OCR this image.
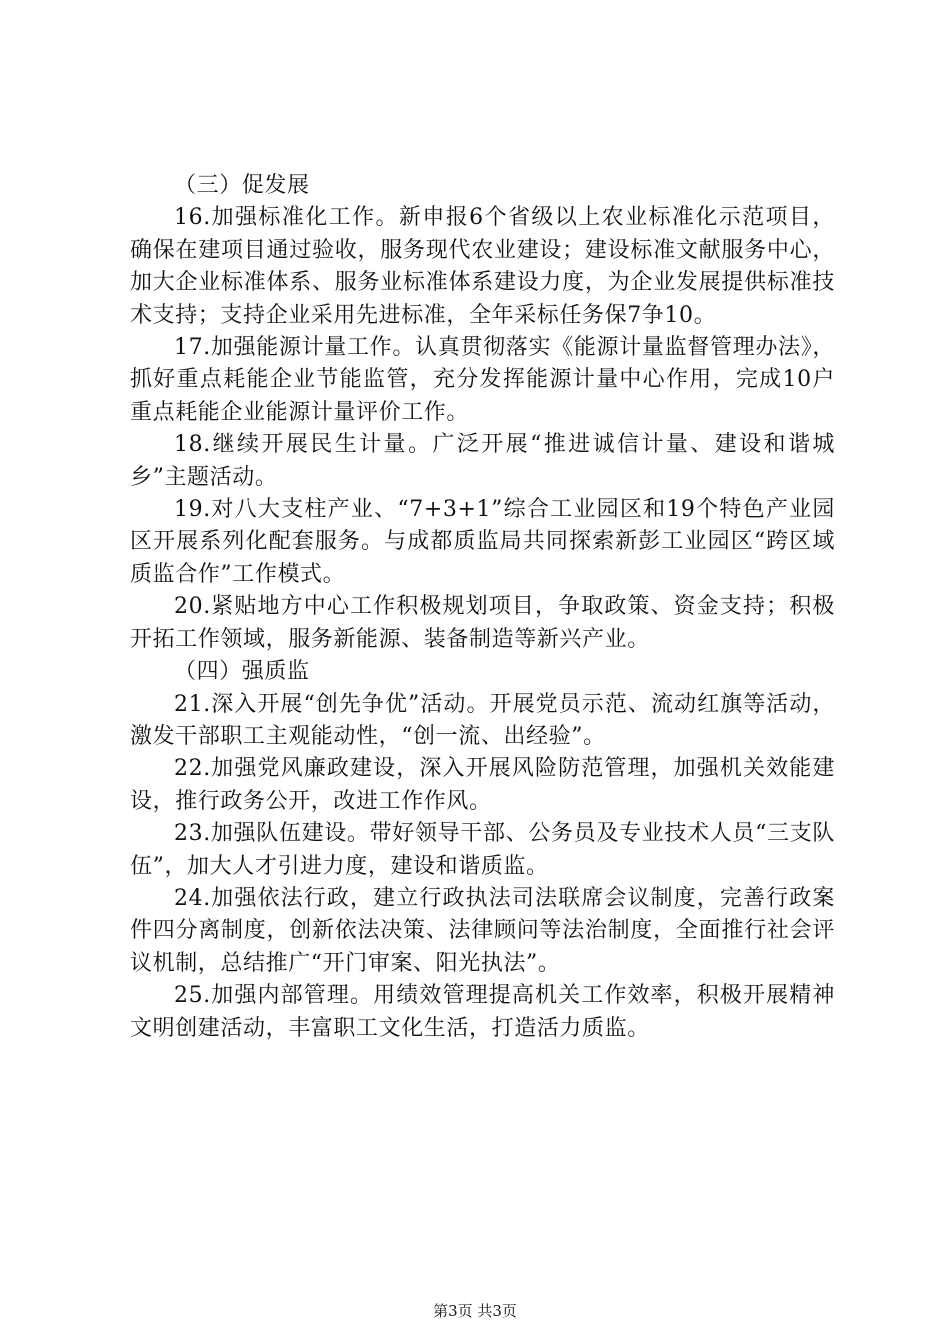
（三）促发展

16.加强标准化工作。新申报6个省级以上农业标准化示范项目，确保在建项目通过验收，服务现代农业建设；建设标准文献服务中心，加大企业标准体系、服务业标准体系建设力度，为企业发展提供标准技术支持；支持企业采用先进标准，全年采标任务保7争10。

17.加强能源计量工作。认真贯彻落实《能源计量监督管理办法》，抓好重点耗能企业节能监管，充分发挥能源计量中心作用，完成10户重点耗能企业能源计量评价工作。

18.继续开展民生计量。广泛开展“推进诚信计量、建设和谐城乡”主题活动。

19.对八大支柱产业、“7+3+1”综合工业园区和19个特色产业园区开展系列化配套服务。与成都质监局共同探索新彭工业园区“跨区域质监合作”工作模式。

20.紧贴地方中心工作积极规划项目，争取政策、资金支持；积极开拓工作领域，服务新能源、装备制造等新兴产业。

（四）强质监

21.深入开展“创先争优”活动。开展党员示范、流动红旗等活动，激发干部职工主观能动性，“创一流、出经验”。

22.加强党风廉政建设，深入开展风险防范管理，加强机关效能建设，推行政务公开，改进工作作风。

23.加强队伍建设。带好领导干部、公务员及专业技术人员“三支队伍”，加大人才引进力度，建设和谐质监。

24.加强依法行政，建立行政执法司法联席会议制度，完善行政案件四分离制度，创新依法决策、法律顾问等法治制度，全面推行社会评议机制，总结推广“开门审案、阳光执法”。

25.加强内部管理。用绩效管理提高机关工作效率，积极开展精神文明创建活动，丰富职工文化生活，打造活力质监。

第3页 共3页
